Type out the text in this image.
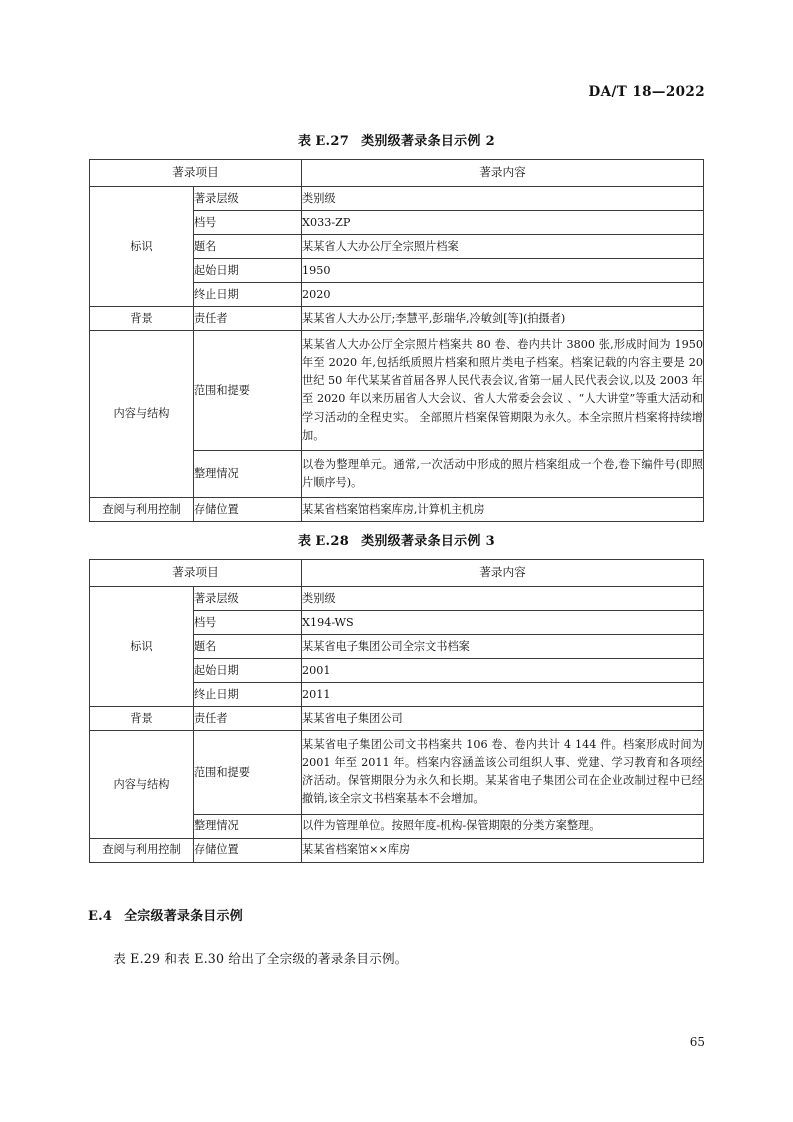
DA/T 18—2022
表 E.27 类别级著录条目示例 2
著录项目		著录内容
标识	著录层级	类别级
	档号	X033-ZP
	题名	某某省人大办公厅全宗照片档案
	起始日期	1950
	终止日期	2020
背景	责任者	某某省人大办公厅;李慧平,彭瑞华,冷敏剑[等](拍摄者)
内容与结构	范围和提要	某某省人大办公厅全宗照片档案共 80 卷、卷内共计 3800 张,形成时间为 1950 年至 2020 年,包括纸质照片档案和照片类电子档案。档案记载的内容主要是 20 世纪 50 年代某某省首届各界人民代表会议,省第一届人民代表会议,以及 2003 年至 2020 年以来历届省人大会议、省人大常委会会议 、“人大讲堂”等重大活动和学习活动的全程史实。 全部照片档案保管期限为永久。本全宗照片档案将持续增加。
	整理情况	以卷为整理单元。通常,一次活动中形成的照片档案组成一个卷,卷下编件号(即照片顺序号)。
查阅与利用控制	存储位置	某某省档案馆档案库房,计算机主机房
表 E.28 类别级著录条目示例 3
著录项目		著录内容
标识	著录层级	类别级
	档号	X194-WS
	题名	某某省电子集团公司全宗文书档案
	起始日期	2001
	终止日期	2011
背景	责任者	某某省电子集团公司
内容与结构	范围和提要	某某省电子集团公司文书档案共 106 卷、卷内共计 4 144 件。档案形成时间为 2001 年至 2011 年。档案内容涵盖该公司组织人事、党建、学习教育和各项经济活动。保管期限分为永久和长期。某某省电子集团公司在企业改制过程中已经撤销,该全宗文书档案基本不会增加。
	整理情况	以件为管理单位。按照年度-机构-保管期限的分类方案整理。
查阅与利用控制	存储位置	某某省档案馆××库房
E.4 全宗级著录条目示例
表 E.29 和表 E.30 给出了全宗级的著录条目示例。
65
